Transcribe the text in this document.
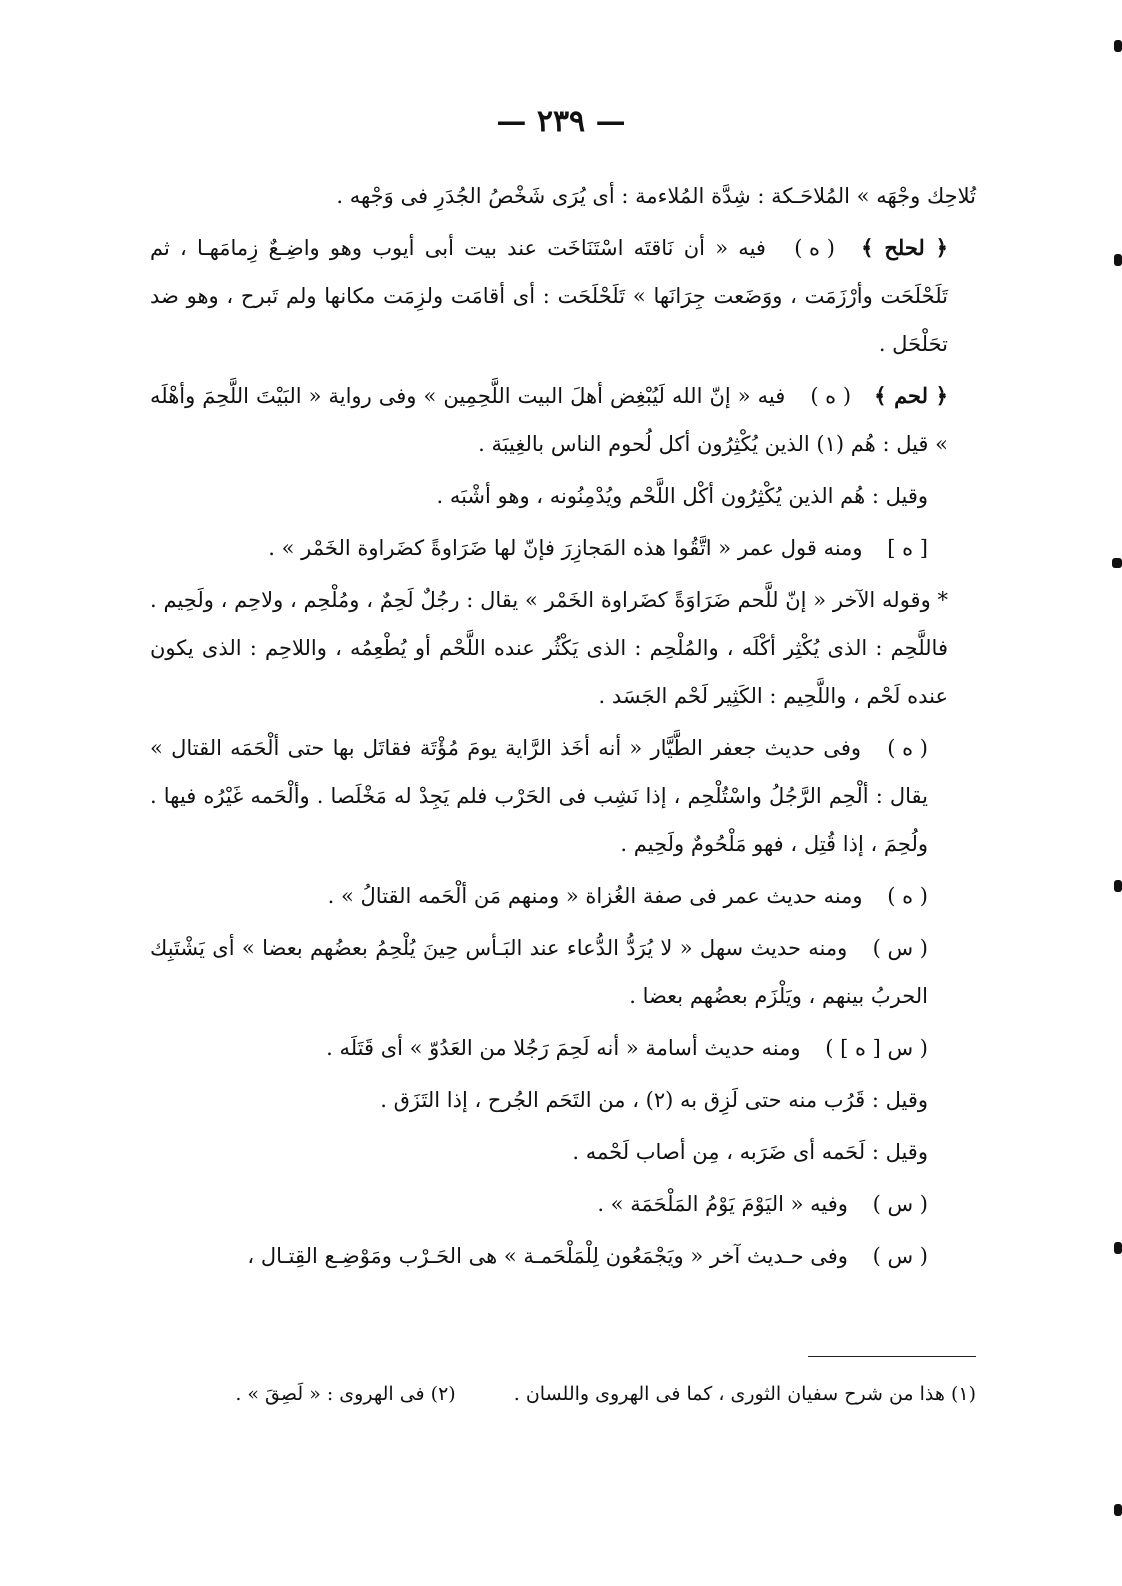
— ٢٣٩ —

تُلاحِك وجْهَه » المُلاحَـكة : شِدَّة المُلاءمة : أى يُرَى شَخْصُ الجُدَرِ فى وَجْهه .

﴿ لحلح ﴾ ( ه ) فيه « أن نَاقتَه اسْتَنَاخَت عند بيت أبى أيوب وهو واضِـعٌ زِمامَهـا ، ثم تَلَحْلَحَت وأرْزَمَت ، ووَضَعت جِرَانَها » تَلَحْلَحَت : أى أقامَت ولزِمَت مكانها ولم تَبرح ، وهو ضد تحَلْحَل .

﴿ لحم ﴾ ( ه ) فيه « إنّ الله لَيُبْغِض أهلَ البيت اللَّحِمِين » وفى رواية « البَيْتَ اللَّحِمَ وأهْلَه » قيل : هُم (١) الذين يُكْثِرُون أكل لُحوم الناس بالغِيبَة .

وقيل : هُم الذين يُكْثِرُون أكْل اللَّحْم ويُدْمِنُونه ، وهو أشْبَه .

[ ه ] ومنه قول عمر « اتَّقُوا هذه المَجازِرَ فإنّ لها ضَرَاوةً كضَراوة الخَمْر » .

* وقوله الآخر « إنّ للَّحم ضَرَاوَةً كضَراوة الخَمْر » يقال : رجُلٌ لَحِمٌ ، ومُلْحِم ، ولاحِم ، ولَحِيم . فاللَّحِم : الذى يُكْثِر أكْلَه ، والمُلْحِم : الذى يَكْثُر عنده اللَّحْم أو يُطْعِمُه ، واللاحِم : الذى يكون عنده لَحْم ، واللَّحِيم : الكَثِير لَحْم الجَسَد .

( ه ) وفى حديث جعفر الطَّيَّار « أنه أخَذ الرَّاية يومَ مُؤْتَة فقاتَل بها حتى ألْحَمَه القتال » يقال : ألْحِم الرَّجُلُ واسْتُلْحِم ، إذا نَشِب فى الحَرْب فلم يَجِدْ له مَخْلَصا . وألْحَمه غَيْرُه فيها . ولُحِمَ ، إذا قُتِل ، فهو مَلْحُومٌ ولَحِيم .

( ه ) ومنه حديث عمر فى صفة الغُزاة « ومنهم مَن ألْحَمه القتالُ » .

( س ) ومنه حديث سهل « لا يُرَدُّ الدُّعاء عند البَـأس حِينَ يُلْحِمُ بعضُهم بعضا » أى يَشْتَبِك الحربُ بينهم ، ويَلْزَم بعضُهم بعضا .

( س [ ه ] ) ومنه حديث أسامة « أنه لَحِمَ رَجُلا من العَدُوّ » أى قَتَلَه .

وقيل : قَرُب منه حتى لَزِق به (٢) ، من التَحَم الجُرح ، إذا التَزَق .

وقيل : لَحَمه أى ضَرَبه ، مِن أصاب لَحْمه .

( س ) وفيه « اليَوْمَ يَوْمُ المَلْحَمَة » .

( س ) وفى حـديث آخر « ويَجْمَعُون لِلْمَلْحَمـة » هى الحَـرْب ومَوْضِـع القِتـال ،

(١) هذا من شرح سفيان الثورى ، كما فى الهروى واللسان . (٢) فى الهروى : « لَصِقَ » .
